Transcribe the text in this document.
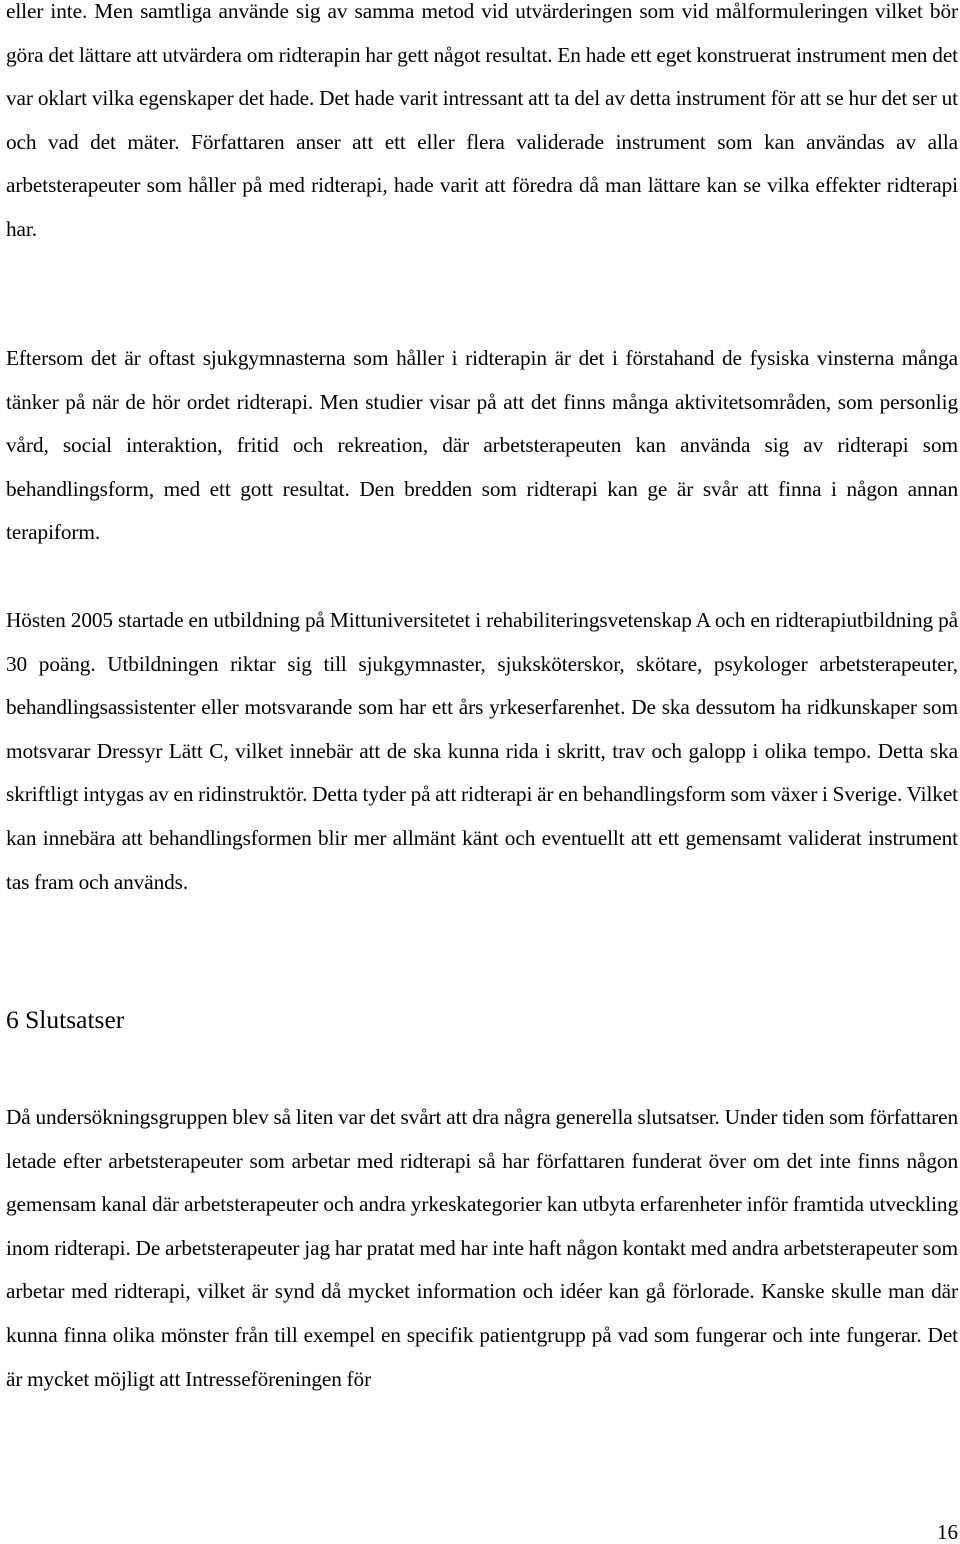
eller inte. Men samtliga använde sig av samma metod vid utvärderingen som vid målformuleringen vilket bör göra det lättare att utvärdera om ridterapin har gett något resultat. En hade ett eget konstruerat instrument men det var oklart vilka egenskaper det hade. Det hade varit intressant att ta del av detta instrument för att se hur det ser ut och vad det mäter. Författaren anser att ett eller flera validerade instrument som kan användas av alla arbetsterapeuter som håller på med ridterapi, hade varit att föredra då man lättare kan se vilka effekter ridterapi har.

Eftersom det är oftast sjukgymnasterna som håller i ridterapin är det i förstahand de fysiska vinsterna många tänker på när de hör ordet ridterapi. Men studier visar på att det finns många aktivitetsområden, som personlig vård, social interaktion, fritid och rekreation, där arbetsterapeuten kan använda sig av ridterapi som behandlingsform, med ett gott resultat. Den bredden som ridterapi kan ge är svår att finna i någon annan terapiform.

Hösten 2005 startade en utbildning på Mittuniversitetet i rehabiliteringsvetenskap A och en ridterapiutbildning på 30 poäng. Utbildningen riktar sig till sjukgymnaster, sjuksköterskor, skötare, psykologer arbetsterapeuter, behandlingsassistenter eller motsvarande som har ett års yrkeserfarenhet. De ska dessutom ha ridkunskaper som motsvarar Dressyr Lätt C, vilket innebär att de ska kunna rida i skritt, trav och galopp i olika tempo. Detta ska skriftligt intygas av en ridinstruktör. Detta tyder på att ridterapi är en behandlingsform som växer i Sverige. Vilket kan innebära att behandlingsformen blir mer allmänt känt och eventuellt att ett gemensamt validerat instrument tas fram och används.

6 Slutsatser

Då undersökningsgruppen blev så liten var det svårt att dra några generella slutsatser. Under tiden som författaren letade efter arbetsterapeuter som arbetar med ridterapi så har författaren funderat över om det inte finns någon gemensam kanal där arbetsterapeuter och andra yrkeskategorier kan utbyta erfarenheter inför framtida utveckling inom ridterapi. De arbetsterapeuter jag har pratat med har inte haft någon kontakt med andra arbetsterapeuter som arbetar med ridterapi, vilket är synd då mycket information och idéer kan gå förlorade. Kanske skulle man där kunna finna olika mönster från till exempel en specifik patientgrupp på vad som fungerar och inte fungerar. Det är mycket möjligt att Intresseföreningen för

16
